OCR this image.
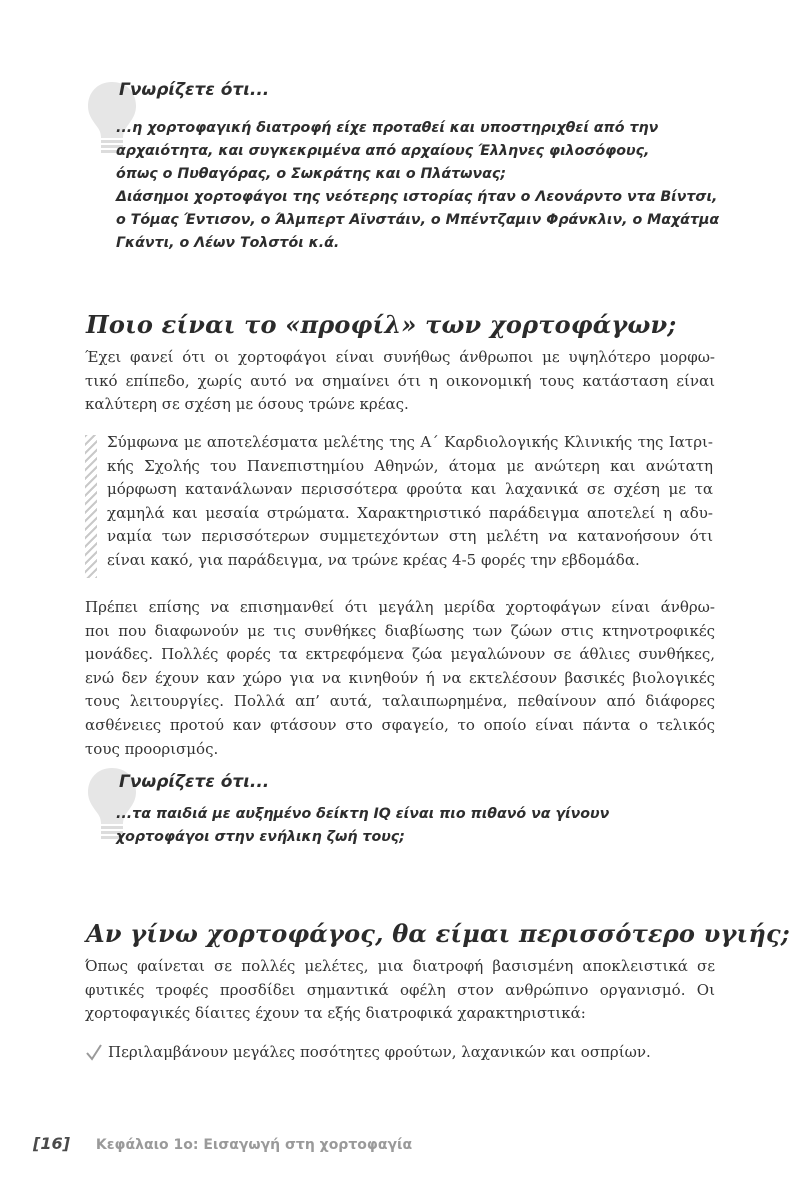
Γνωρίζετε ότι...
...η χορτοφαγική διατροφή είχε προταθεί και υποστηριχθεί από την
αρχαιότητα, και συγκεκριμένα από αρχαίους Έλληνες φιλοσόφους,
όπως ο Πυθαγόρας, ο Σωκράτης και ο Πλάτωνας;
Διάσημοι χορτοφάγοι της νεότερης ιστορίας ήταν ο Λεονάρντο ντα Βίντσι,
ο Τόμας Έντισον, ο Άλμπερτ Αϊνστάιν, ο Μπέντζαμιν Φράνκλιν, ο Μαχάτμα
Γκάντι, ο Λέων Τολστόι κ.ά.
Ποιο είναι το «προφίλ» των χορτοφάγων;
Έχει φανεί ότι οι χορτοφάγοι είναι συνήθως άνθρωποι με υψηλότερο μορφω-
τικό επίπεδο, χωρίς αυτό να σημαίνει ότι η οικονομική τους κατάσταση είναι
καλύτερη σε σχέση με όσους τρώνε κρέας.
Σύμφωνα με αποτελέσματα μελέτης της Α΄ Καρδιολογικής Κλινικής της Ιατρι-
κής Σχολής του Πανεπιστημίου Αθηνών, άτομα με ανώτερη και ανώτατη
μόρφωση κατανάλωναν περισσότερα φρούτα και λαχανικά σε σχέση με τα
χαμηλά και μεσαία στρώματα. Χαρακτηριστικό παράδειγμα αποτελεί η αδυ-
ναμία των περισσότερων συμμετεχόντων στη μελέτη να κατανοήσουν ότι
είναι κακό, για παράδειγμα, να τρώνε κρέας 4-5 φορές την εβδομάδα.
Πρέπει επίσης να επισημανθεί ότι μεγάλη μερίδα χορτοφάγων είναι άνθρω-
ποι που διαφωνούν με τις συνθήκες διαβίωσης των ζώων στις κτηνοτροφικές
μονάδες. Πολλές φορές τα εκτρεφόμενα ζώα μεγαλώνουν σε άθλιες συνθήκες,
ενώ δεν έχουν καν χώρο για να κινηθούν ή να εκτελέσουν βασικές βιολογικές
τους λειτουργίες. Πολλά απ’ αυτά, ταλαιπωρημένα, πεθαίνουν από διάφορες
ασθένειες προτού καν φτάσουν στο σφαγείο, το οποίο είναι πάντα ο τελικός
τους προορισμός.
Γνωρίζετε ότι...
...τα παιδιά με αυξημένο δείκτη IQ είναι πιο πιθανό να γίνουν
χορτοφάγοι στην ενήλικη ζωή τους;
Αν γίνω χορτοφάγος, θα είμαι περισσότερο υγιής;
Όπως φαίνεται σε πολλές μελέτες, μια διατροφή βασισμένη αποκλειστικά σε
φυτικές τροφές προσδίδει σημαντικά οφέλη στον ανθρώπινο οργανισμό. Οι
χορτοφαγικές δίαιτες έχουν τα εξής διατροφικά χαρακτηριστικά:

Περιλαμβάνουν μεγάλες ποσότητες φρούτων, λαχανικών και οσπρίων.

[16] Κεφάλαιο 1ο: Εισαγωγή στη χορτοφαγία
